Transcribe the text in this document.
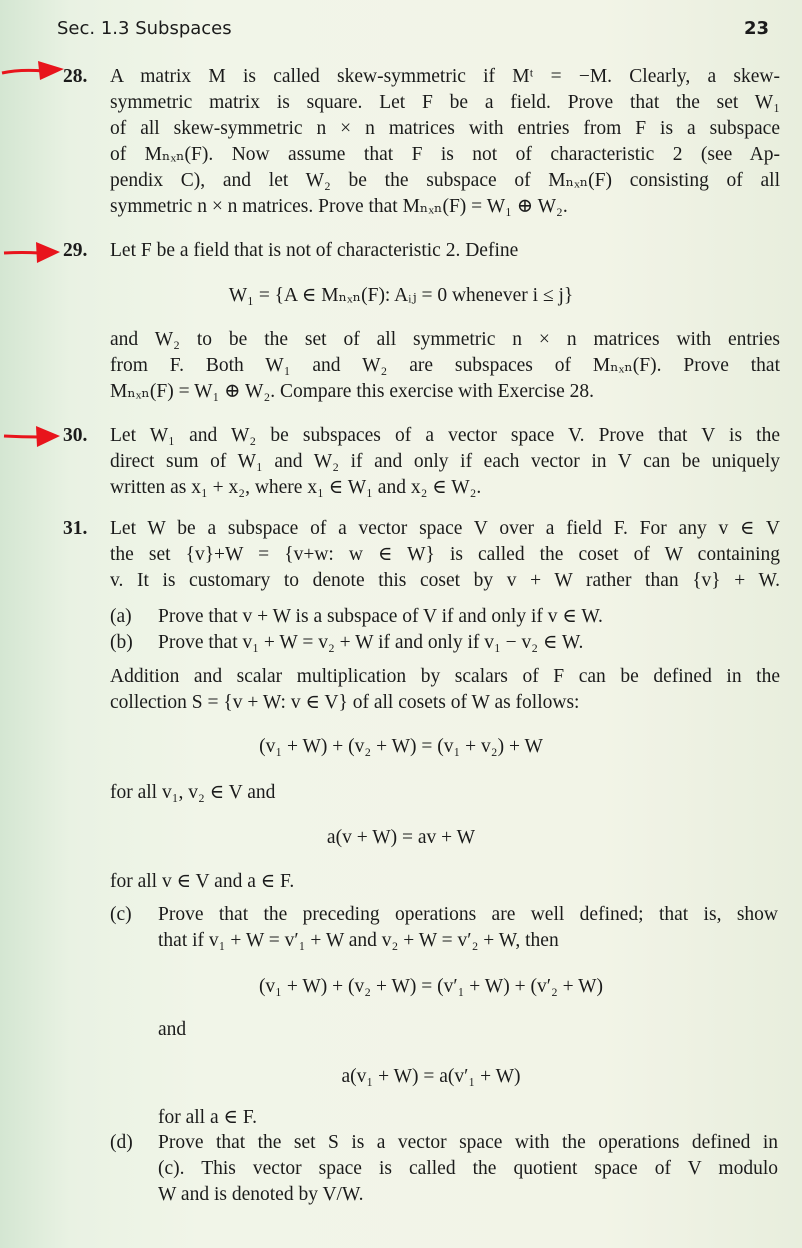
Sec. 1.3 Subspaces	23
28. A matrix M is called skew-symmetric if Mᵗ = −M. Clearly, a skew-
symmetric matrix is square. Let F be a field. Prove that the set W₁
of all skew-symmetric n × n matrices with entries from F is a subspace
of Mₙₓₙ(F). Now assume that F is not of characteristic 2 (see Ap-
pendix C), and let W₂ be the subspace of Mₙₓₙ(F) consisting of all
symmetric n × n matrices. Prove that Mₙₓₙ(F) = W₁ ⊕ W₂.
29. Let F be a field that is not of characteristic 2. Define
W₁ = {A ∈ Mₙₓₙ(F): Aᵢⱼ = 0 whenever i ≤ j}
and W₂ to be the set of all symmetric n × n matrices with entries
from F. Both W₁ and W₂ are subspaces of Mₙₓₙ(F). Prove that
Mₙₓₙ(F) = W₁ ⊕ W₂. Compare this exercise with Exercise 28.
30. Let W₁ and W₂ be subspaces of a vector space V. Prove that V is the
direct sum of W₁ and W₂ if and only if each vector in V can be uniquely
written as x₁ + x₂, where x₁ ∈ W₁ and x₂ ∈ W₂.
31. Let W be a subspace of a vector space V over a field F. For any v ∈ V
the set {v}+W = {v+w: w ∈ W} is called the coset of W containing
v. It is customary to denote this coset by v + W rather than {v} + W.
(a) Prove that v + W is a subspace of V if and only if v ∈ W.
(b) Prove that v₁ + W = v₂ + W if and only if v₁ − v₂ ∈ W.
Addition and scalar multiplication by scalars of F can be defined in the
collection S = {v + W: v ∈ V} of all cosets of W as follows:
(v₁ + W) + (v₂ + W) = (v₁ + v₂) + W
for all v₁, v₂ ∈ V and
a(v + W) = av + W
for all v ∈ V and a ∈ F.
(c) Prove that the preceding operations are well defined; that is, show
that if v₁ + W = v′₁ + W and v₂ + W = v′₂ + W, then
(v₁ + W) + (v₂ + W) = (v′₁ + W) + (v′₂ + W)
and
a(v₁ + W) = a(v′₁ + W)
for all a ∈ F.
(d) Prove that the set S is a vector space with the operations defined in
(c). This vector space is called the quotient space of V modulo
W and is denoted by V/W.
